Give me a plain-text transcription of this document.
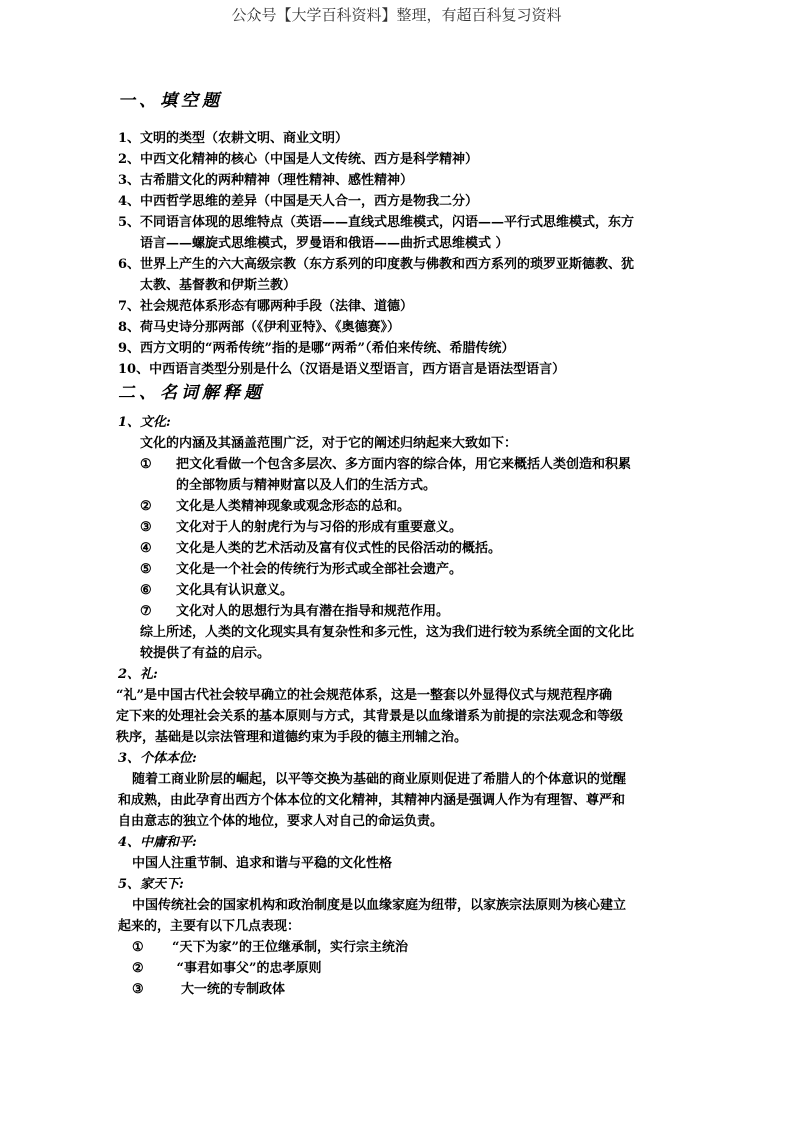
公众号【大学百科资料】整理，有超百科复习资料
一、填空题
1、文明的类型（农耕文明、商业文明）
2、中西文化精神的核心（中国是人文传统、西方是科学精神）
3、古希腊文化的两种精神（理性精神、感性精神）
4、中西哲学思维的差异（中国是天人合一，西方是物我二分）
5、不同语言体现的思维特点（英语——直线式思维模式，闪语——平行式思维模式，东方
语言——螺旋式思维模式，罗曼语和俄语——曲折式思维模式 ）
6、世界上产生的六大高级宗教（东方系列的印度教与佛教和西方系列的琐罗亚斯德教、犹
太教、基督教和伊斯兰教）
7、社会规范体系形态有哪两种手段（法律、道德）
8、荷马史诗分那两部（《伊利亚特》、《奥德赛》）
9、西方文明的“两希传统”指的是哪“两希”（希伯来传统、希腊传统）
10、中西语言类型分别是什么（汉语是语义型语言，西方语言是语法型语言）
二、名词解释题
1、文化:
文化的内涵及其涵盖范围广泛，对于它的阐述归纳起来大致如下：
①	把文化看做一个包含多层次、多方面内容的综合体，用它来概括人类创造和积累
的全部物质与精神财富以及人们的生活方式。
②	文化是人类精神现象或观念形态的总和。
③	文化对于人的射虎行为与习俗的形成有重要意义。
④	文化是人类的艺术活动及富有仪式性的民俗活动的概括。
⑤	文化是一个社会的传统行为形式或全部社会遗产。
⑥	文化具有认识意义。
⑦	文化对人的思想行为具有潜在指导和规范作用。
综上所述，人类的文化现实具有复杂性和多元性，这为我们进行较为系统全面的文化比
较提供了有益的启示。
2、礼:
“礼”是中国古代社会较早确立的社会规范体系，这是一整套以外显得仪式与规范程序确
定下来的处理社会关系的基本原则与方式，其背景是以血缘谱系为前提的宗法观念和等级
秩序，基础是以宗法管理和道德约束为手段的德主刑辅之治。
3、个体本位:
随着工商业阶层的崛起，以平等交换为基础的商业原则促进了希腊人的个体意识的觉醒
和成熟，由此孕育出西方个体本位的文化精神，其精神内涵是强调人作为有理智、尊严和
自由意志的独立个体的地位，要求人对自己的命运负责。
4、中庸和平:
中国人注重节制、追求和谐与平稳的文化性格
5、家天下:
中国传统社会的国家机构和政治制度是以血缘家庭为纽带，以家族宗法原则为核心建立
起来的，主要有以下几点表现：
①	“天下为家”的王位继承制，实行宗主统治
②	“事君如事父”的忠孝原则
③	大一统的专制政体
